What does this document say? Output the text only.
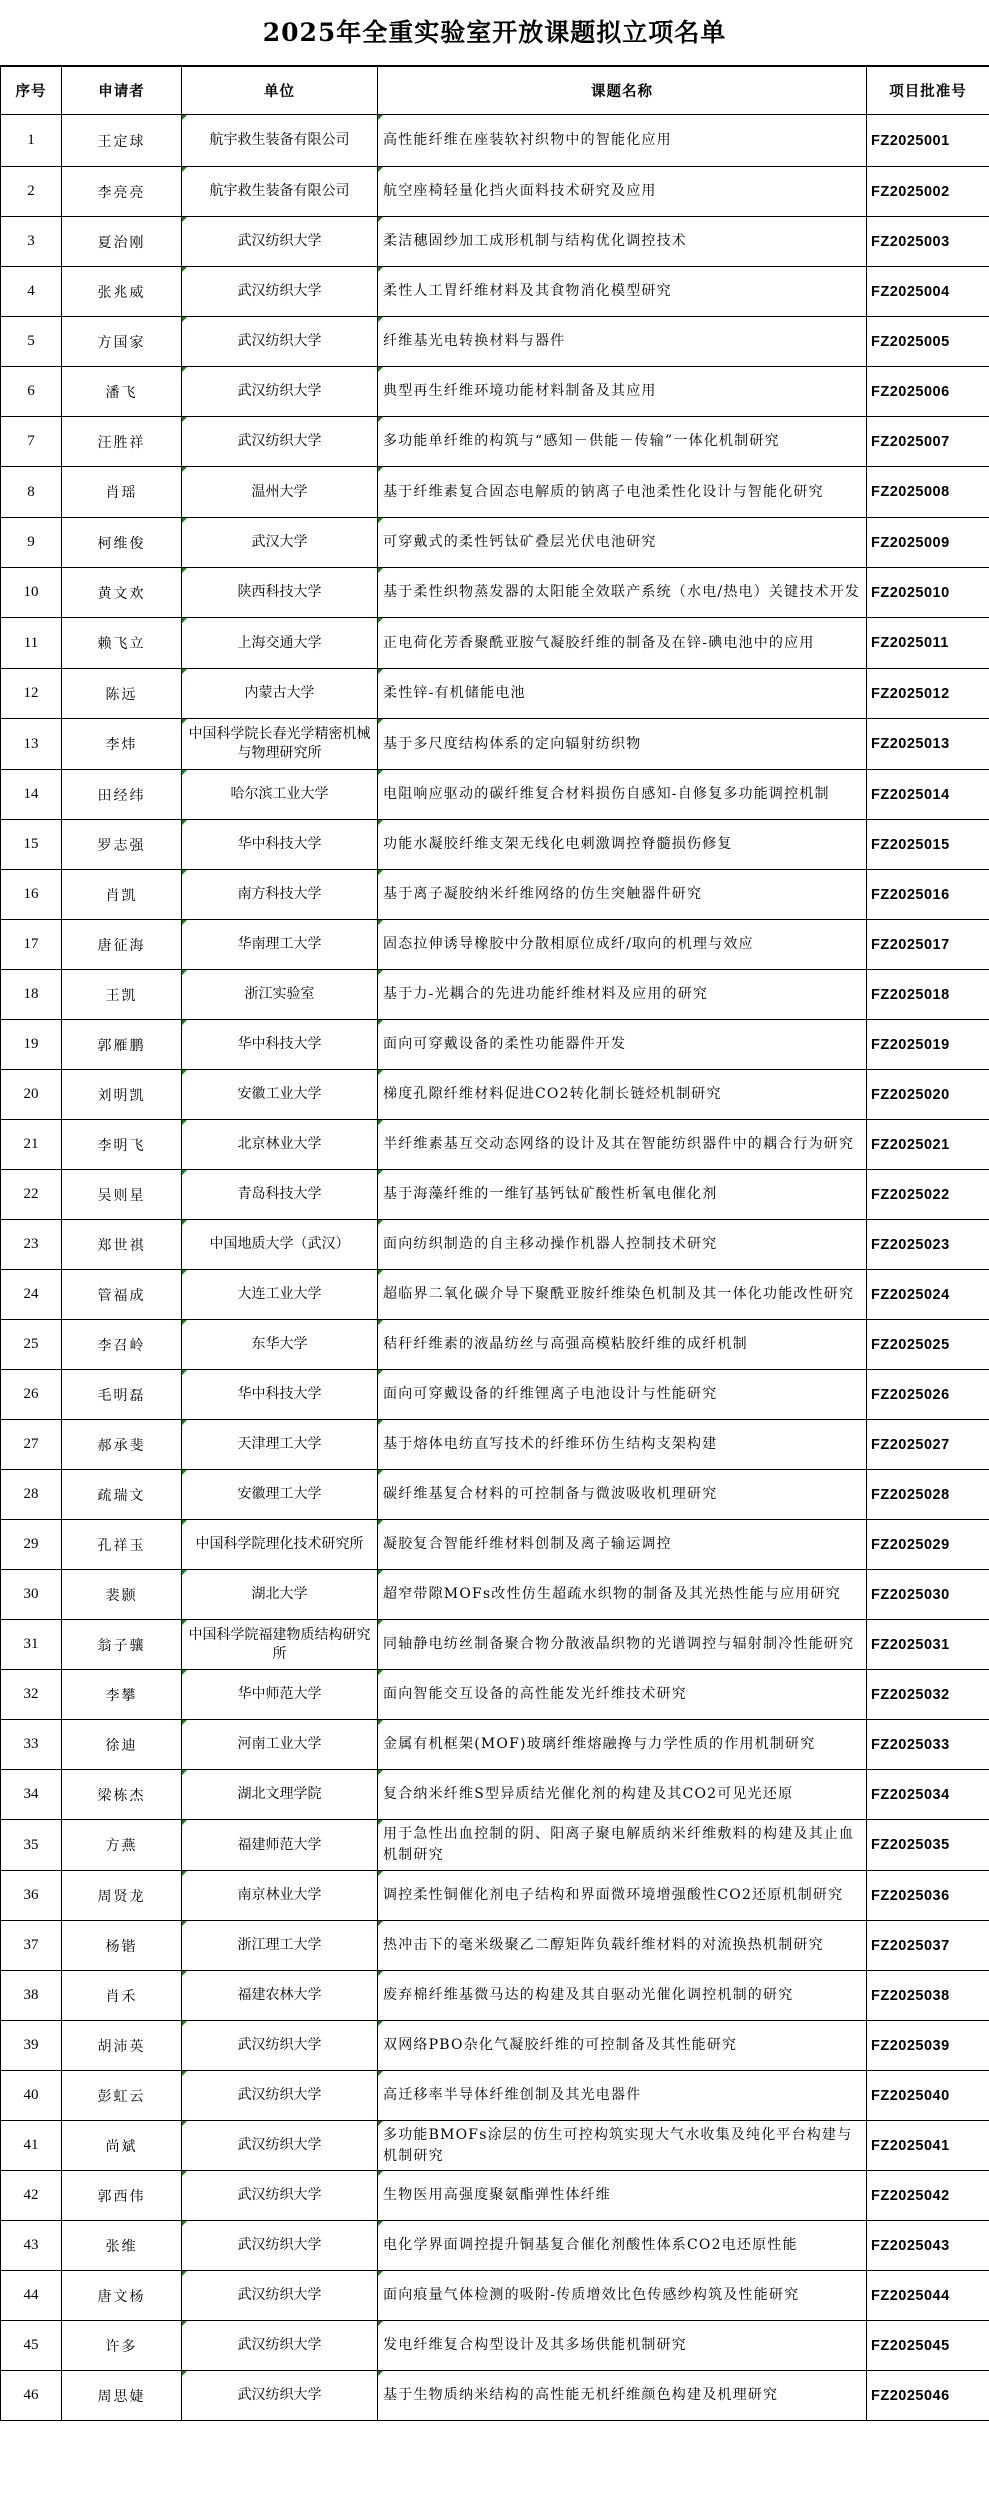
2025年全重实验室开放课题拟立项名单
序号	申请者	单位	课题名称	项目批准号
1	王定球	航宇救生装备有限公司	高性能纤维在座装软衬织物中的智能化应用	FZ2025001
2	李亮亮	航宇救生装备有限公司	航空座椅轻量化挡火面料技术研究及应用	FZ2025002
3	夏治刚	武汉纺织大学	柔洁穗固纱加工成形机制与结构优化调控技术	FZ2025003
4	张兆威	武汉纺织大学	柔性人工胃纤维材料及其食物消化模型研究	FZ2025004
5	方国家	武汉纺织大学	纤维基光电转换材料与器件	FZ2025005
6	潘飞	武汉纺织大学	典型再生纤维环境功能材料制备及其应用	FZ2025006
7	汪胜祥	武汉纺织大学	多功能单纤维的构筑与“感知－供能－传输”一体化机制研究	FZ2025007
8	肖瑶	温州大学	基于纤维素复合固态电解质的钠离子电池柔性化设计与智能化研究	FZ2025008
9	柯维俊	武汉大学	可穿戴式的柔性钙钛矿叠层光伏电池研究	FZ2025009
10	黄文欢	陕西科技大学	基于柔性织物蒸发器的太阳能全效联产系统（水电/热电）关键技术开发	FZ2025010
11	赖飞立	上海交通大学	正电荷化芳香聚酰亚胺气凝胶纤维的制备及在锌-碘电池中的应用	FZ2025011
12	陈远	内蒙古大学	柔性锌-有机储能电池	FZ2025012
13	李炜	中国科学院长春光学精密机械与物理研究所	基于多尺度结构体系的定向辐射纺织物	FZ2025013
14	田经纬	哈尔滨工业大学	电阻响应驱动的碳纤维复合材料损伤自感知-自修复多功能调控机制	FZ2025014
15	罗志强	华中科技大学	功能水凝胶纤维支架无线化电刺激调控脊髓损伤修复	FZ2025015
16	肖凯	南方科技大学	基于离子凝胶纳米纤维网络的仿生突触器件研究	FZ2025016
17	唐征海	华南理工大学	固态拉伸诱导橡胶中分散相原位成纤/取向的机理与效应	FZ2025017
18	王凯	浙江实验室	基于力-光耦合的先进功能纤维材料及应用的研究	FZ2025018
19	郭雁鹏	华中科技大学	面向可穿戴设备的柔性功能器件开发	FZ2025019
20	刘明凯	安徽工业大学	梯度孔隙纤维材料促进CO2转化制长链烃机制研究	FZ2025020
21	李明飞	北京林业大学	半纤维素基互交动态网络的设计及其在智能纺织器件中的耦合行为研究	FZ2025021
22	吴则星	青岛科技大学	基于海藻纤维的一维钌基钙钛矿酸性析氧电催化剂	FZ2025022
23	郑世祺	中国地质大学（武汉）	面向纺织制造的自主移动操作机器人控制技术研究	FZ2025023
24	管福成	大连工业大学	超临界二氧化碳介导下聚酰亚胺纤维染色机制及其一体化功能改性研究	FZ2025024
25	李召岭	东华大学	秸秆纤维素的液晶纺丝与高强高模粘胶纤维的成纤机制	FZ2025025
26	毛明磊	华中科技大学	面向可穿戴设备的纤维锂离子电池设计与性能研究	FZ2025026
27	郝承斐	天津理工大学	基于熔体电纺直写技术的纤维环仿生结构支架构建	FZ2025027
28	疏瑞文	安徽理工大学	碳纤维基复合材料的可控制备与微波吸收机理研究	FZ2025028
29	孔祥玉	中国科学院理化技术研究所	凝胶复合智能纤维材料创制及离子输运调控	FZ2025029
30	裴颢	湖北大学	超窄带隙MOFs改性仿生超疏水织物的制备及其光热性能与应用研究	FZ2025030
31	翁子骧	中国科学院福建物质结构研究所	同轴静电纺丝制备聚合物分散液晶织物的光谱调控与辐射制冷性能研究	FZ2025031
32	李攀	华中师范大学	面向智能交互设备的高性能发光纤维技术研究	FZ2025032
33	徐迪	河南工业大学	金属有机框架(MOF)玻璃纤维熔融搀与力学性质的作用机制研究	FZ2025033
34	梁栋杰	湖北文理学院	复合纳米纤维S型异质结光催化剂的构建及其CO2可见光还原	FZ2025034
35	方燕	福建师范大学	用于急性出血控制的阴、阳离子聚电解质纳米纤维敷料的构建及其止血机制研究	FZ2025035
36	周贤龙	南京林业大学	调控柔性铜催化剂电子结构和界面微环境增强酸性CO2还原机制研究	FZ2025036
37	杨锴	浙江理工大学	热冲击下的毫米级聚乙二醇矩阵负载纤维材料的对流换热机制研究	FZ2025037
38	肖禾	福建农林大学	废弃棉纤维基微马达的构建及其自驱动光催化调控机制的研究	FZ2025038
39	胡沛英	武汉纺织大学	双网络PBO杂化气凝胶纤维的可控制备及其性能研究	FZ2025039
40	彭虹云	武汉纺织大学	高迁移率半导体纤维创制及其光电器件	FZ2025040
41	尚斌	武汉纺织大学	多功能BMOFs涂层的仿生可控构筑实现大气水收集及纯化平台构建与机制研究	FZ2025041
42	郭西伟	武汉纺织大学	生物医用高强度聚氨酯弹性体纤维	FZ2025042
43	张维	武汉纺织大学	电化学界面调控提升铜基复合催化剂酸性体系CO2电还原性能	FZ2025043
44	唐文杨	武汉纺织大学	面向痕量气体检测的吸附-传质增效比色传感纱构筑及性能研究	FZ2025044
45	许多	武汉纺织大学	发电纤维复合构型设计及其多场供能机制研究	FZ2025045
46	周思婕	武汉纺织大学	基于生物质纳米结构的高性能无机纤维颜色构建及机理研究	FZ2025046
